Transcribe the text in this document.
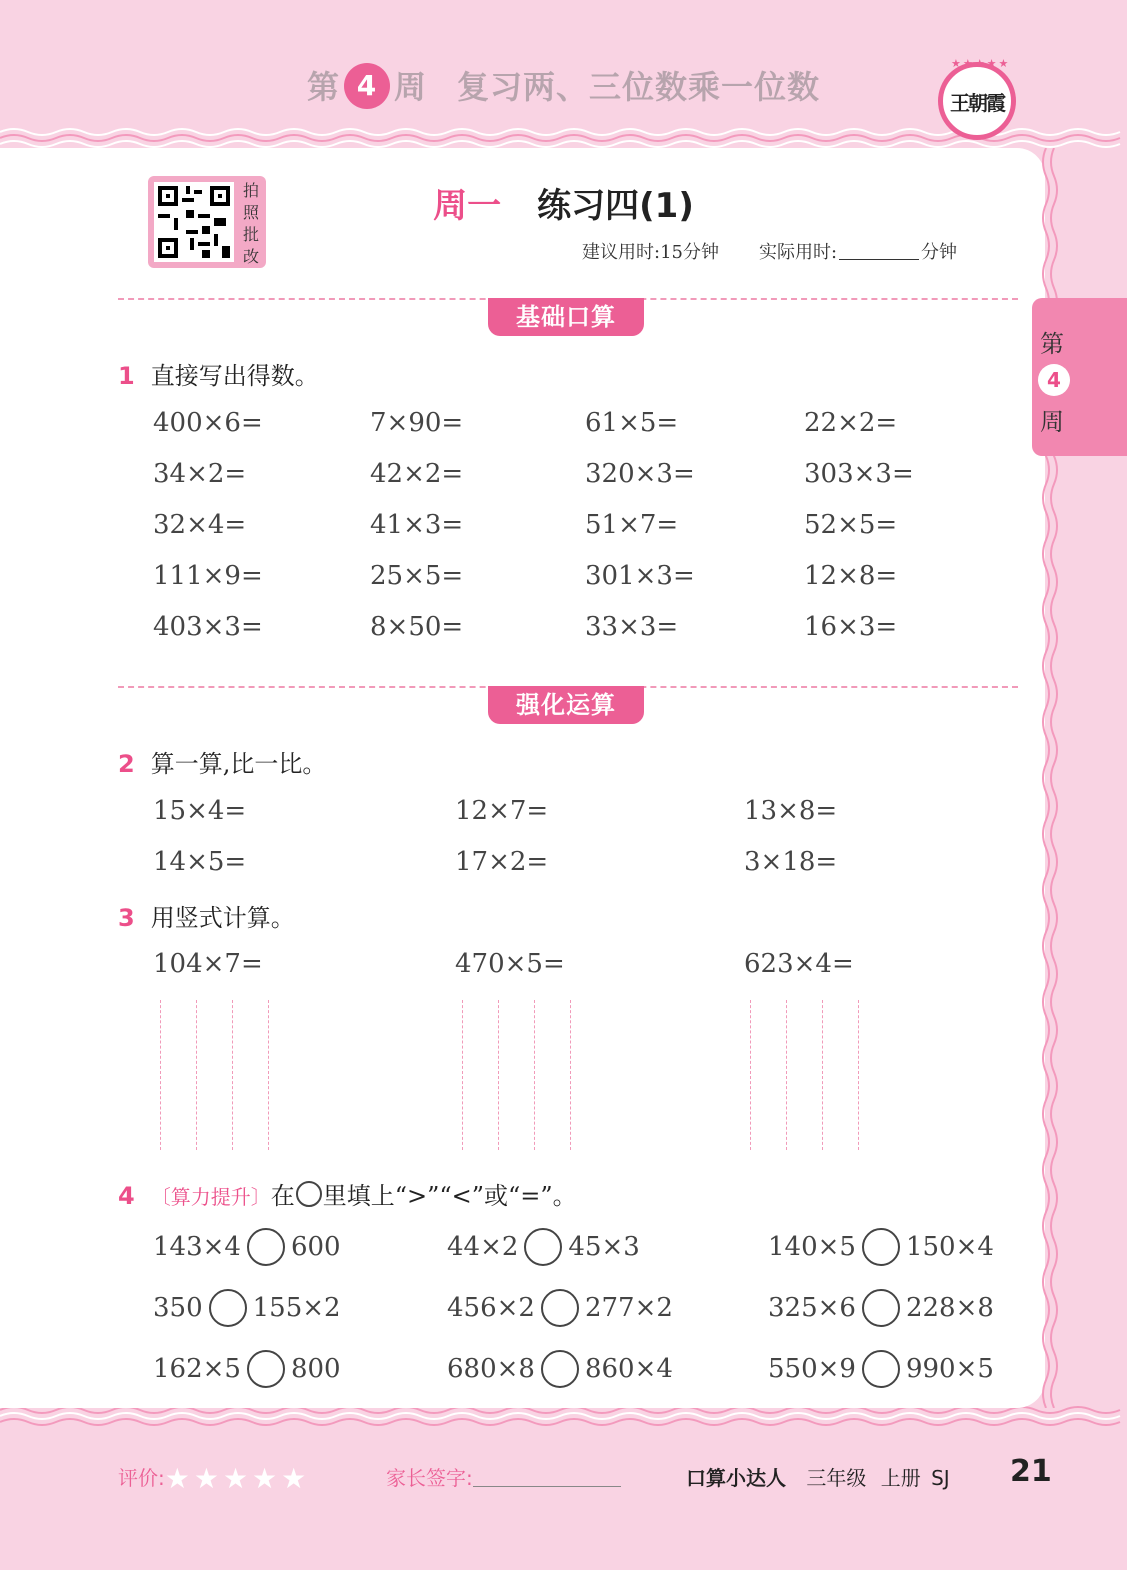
第 4 周 复习两、三位数乘一位数
★★★★★
王朝霞
拍
照
批
改
周一 练习四(1)
建议用时:15分钟 实际用时:	分钟
基础口算
1 直接写出得数。
400×6=	7×90=	61×5=	22×2=
34×2=	42×2=	320×3=	303×3=
32×4=	41×3=	51×7=	52×5=
111×9=	25×5=	301×3=	12×8=
403×3=	8×50=	33×3=	16×3=
强化运算
2 算一算,比一比。
15×4=	12×7=	13×8=
14×5=	17×2=	3×18=
3 用竖式计算。
104×7=	470×5=	623×4=
4 〔算力提升〕在 里填上“>”“<”或“=”。
143×4 600	44×2 45×3	140×5 150×4
350 155×2	456×2 277×2	325×6 228×8
162×5 800	680×8 860×4	550×9 990×5
第
4
周
评价:★★★★★	家长签字:	口算小达人 三年级 上册 SJ 21
